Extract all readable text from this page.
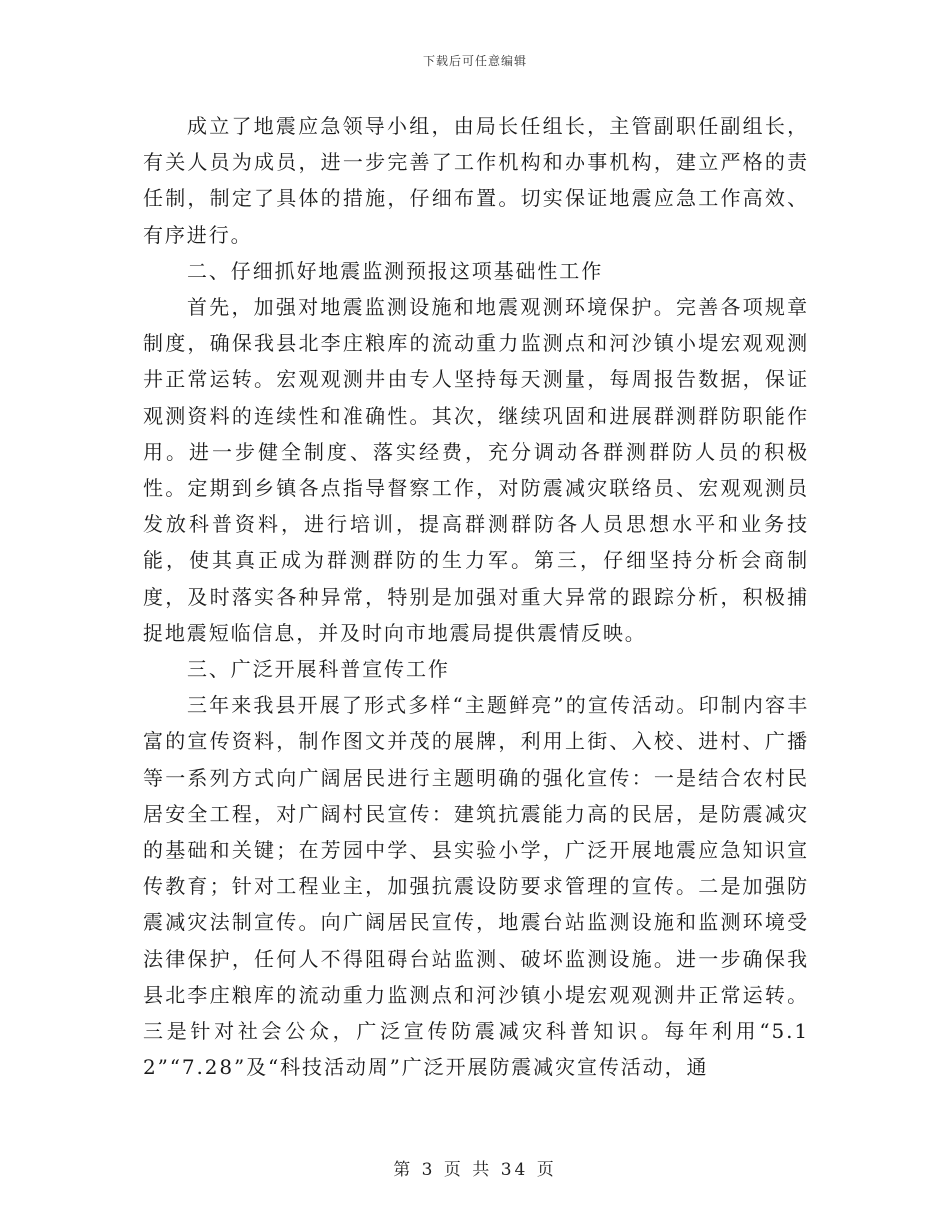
下载后可任意编辑

成立了地震应急领导小组，由局长任组长，主管副职任副组长，有关人员为成员，进一步完善了工作机构和办事机构，建立严格的责任制，制定了具体的措施，仔细布置。切实保证地震应急工作高效、有序进行。

二、仔细抓好地震监测预报这项基础性工作

首先，加强对地震监测设施和地震观测环境保护。完善各项规章制度，确保我县北李庄粮库的流动重力监测点和河沙镇小堤宏观观测井正常运转。宏观观测井由专人坚持每天测量，每周报告数据，保证观测资料的连续性和准确性。其次，继续巩固和进展群测群防职能作用。进一步健全制度、落实经费，充分调动各群测群防人员的积极性。定期到乡镇各点指导督察工作，对防震减灾联络员、宏观观测员发放科普资料，进行培训，提高群测群防各人员思想水平和业务技能，使其真正成为群测群防的生力军。第三，仔细坚持分析会商制度，及时落实各种异常，特别是加强对重大异常的跟踪分析，积极捕捉地震短临信息，并及时向市地震局提供震情反映。

三、广泛开展科普宣传工作

三年来我县开展了形式多样“主题鲜亮”的宣传活动。印制内容丰富的宣传资料，制作图文并茂的展牌，利用上街、入校、进村、广播等一系列方式向广阔居民进行主题明确的强化宣传：一是结合农村民居安全工程，对广阔村民宣传：建筑抗震能力高的民居，是防震减灾的基础和关键；在芳园中学、县实验小学，广泛开展地震应急知识宣传教育；针对工程业主，加强抗震设防要求管理的宣传。二是加强防震减灾法制宣传。向广阔居民宣传，地震台站监测设施和监测环境受法律保护，任何人不得阻碍台站监测、破坏监测设施。进一步确保我县北李庄粮库的流动重力监测点和河沙镇小堤宏观观测井正常运转。三是针对社会公众，广泛宣传防震减灾科普知识。每年利用“5.12”“7.28”及“科技活动周”广泛开展防震减灾宣传活动，通

第 3 页 共 34 页
